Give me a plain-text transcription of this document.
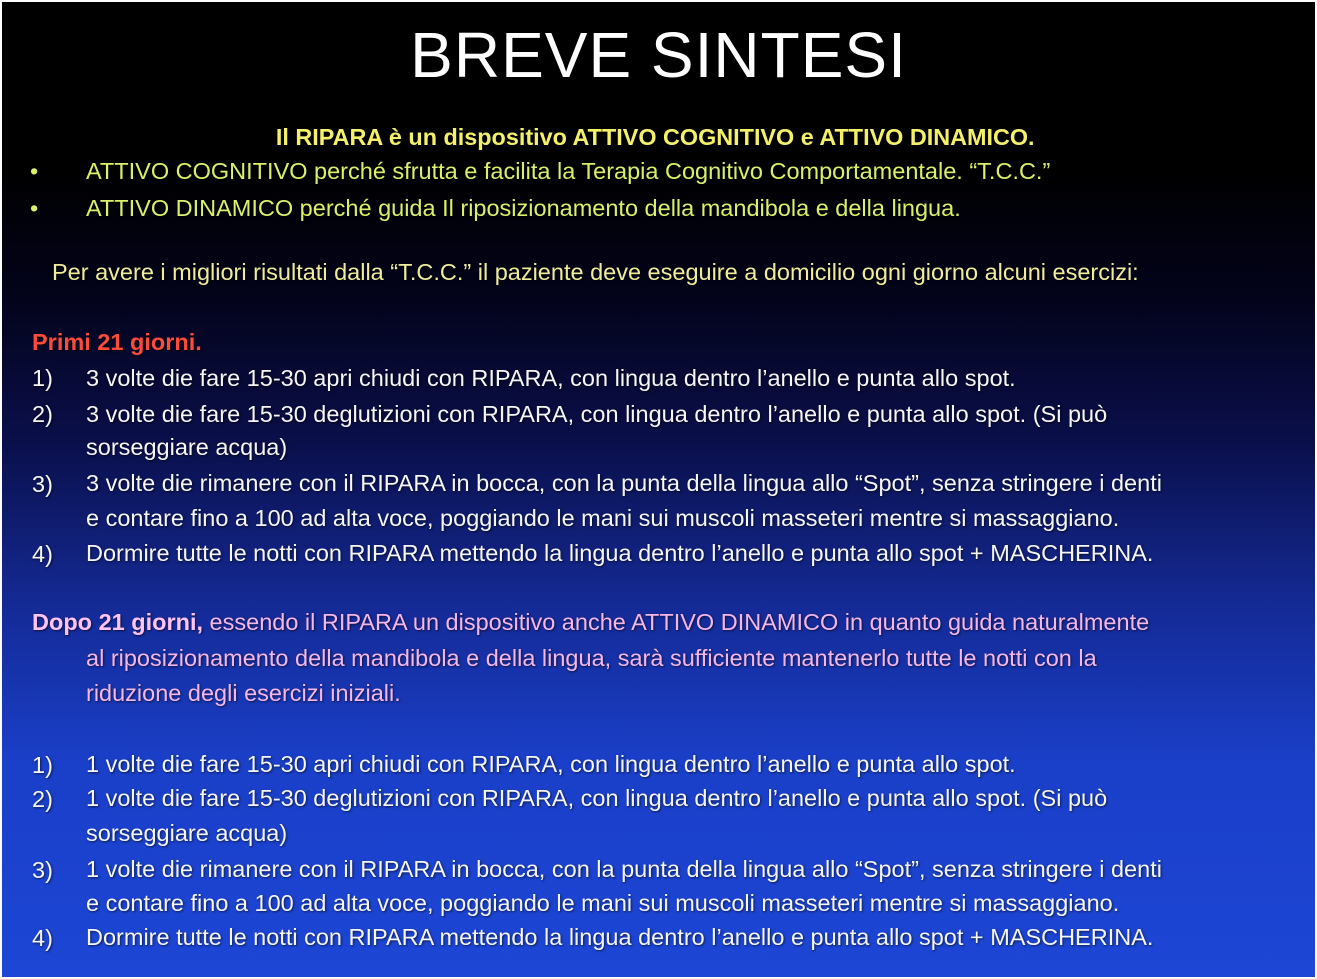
BREVE SINTESI
Il RIPARA è un dispositivo ATTIVO COGNITIVO e ATTIVO DINAMICO.
• ATTIVO COGNITIVO perché sfrutta e facilita la Terapia Cognitivo Comportamentale. “T.C.C.”
• ATTIVO DINAMICO perché guida Il riposizionamento della mandibola e della lingua.
Per avere i migliori risultati dalla “T.C.C.” il paziente deve eseguire a domicilio ogni giorno alcuni esercizi:
Primi 21 giorni.
1) 3 volte die fare 15-30 apri chiudi con RIPARA, con lingua dentro l’anello e punta allo spot.
2) 3 volte die fare 15-30 deglutizioni con RIPARA, con lingua dentro l’anello e punta allo spot. (Si può
sorseggiare acqua)
3) 3 volte die rimanere con il RIPARA in bocca, con la punta della lingua allo “Spot”, senza stringere i denti
e contare fino a 100 ad alta voce, poggiando le mani sui muscoli masseteri mentre si massaggiano.
4) Dormire tutte le notti con RIPARA mettendo la lingua dentro l’anello e punta allo spot + MASCHERINA.
Dopo 21 giorni, essendo il RIPARA un dispositivo anche ATTIVO DINAMICO in quanto guida naturalmente
al riposizionamento della mandibola e della lingua, sarà sufficiente mantenerlo tutte le notti con la
riduzione degli esercizi iniziali.
1) 1 volte die fare 15-30 apri chiudi con RIPARA, con lingua dentro l’anello e punta allo spot.
2) 1 volte die fare 15-30 deglutizioni con RIPARA, con lingua dentro l’anello e punta allo spot. (Si può
sorseggiare acqua)
3) 1 volte die rimanere con il RIPARA in bocca, con la punta della lingua allo “Spot”, senza stringere i denti
e contare fino a 100 ad alta voce, poggiando le mani sui muscoli masseteri mentre si massaggiano.
4) Dormire tutte le notti con RIPARA mettendo la lingua dentro l’anello e punta allo spot + MASCHERINA.
